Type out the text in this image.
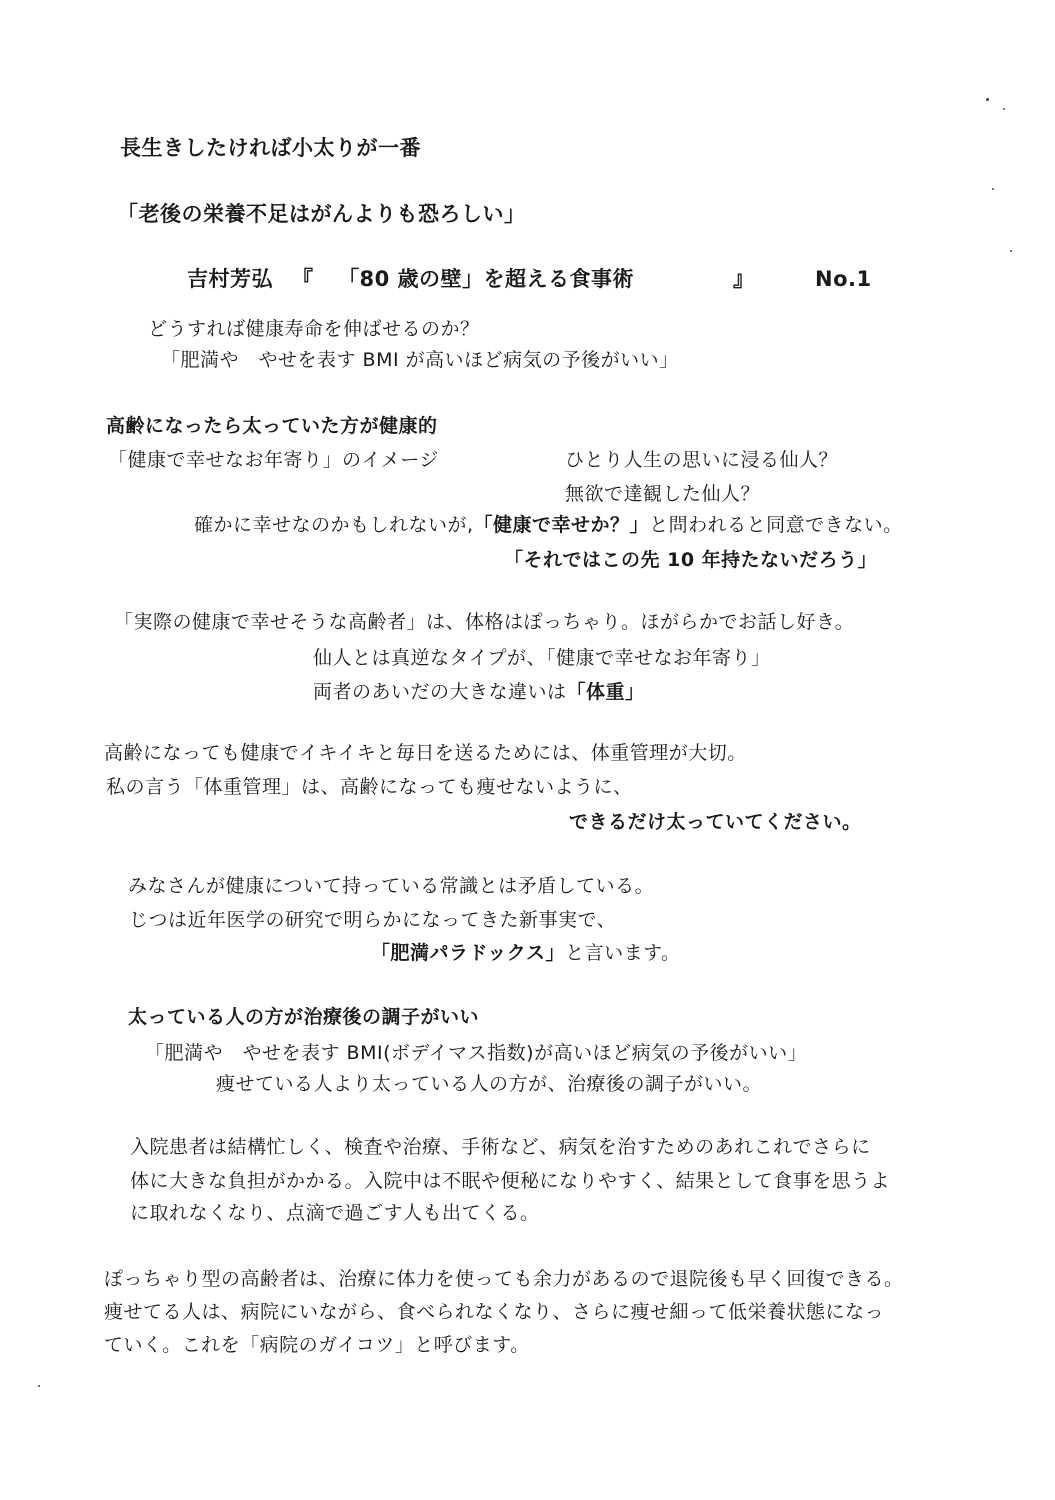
長生きしたければ小太りが一番
「老後の栄養不足はがんよりも恐ろしい」
吉村芳弘 『 「80 歳の壁」を超える食事術	』	No.1
どうすれば健康寿命を伸ばせるのか？
「肥満や　やせを表す BMI が高いほど病気の予後がいい」
高齢になったら太っていた方が健康的
「健康で幸せなお年寄り」のイメージ	ひとり人生の思いに浸る仙人？
無欲で達観した仙人？
確かに幸せなのかもしれないが,「健康で幸せか？」と問われると同意できない。
「それではこの先 10 年持たないだろう」
「実際の健康で幸せそうな高齢者」は、体格はぽっちゃり。ほがらかでお話し好き。
仙人とは真逆なタイプが、「健康で幸せなお年寄り」
両者のあいだの大きな違いは「体重」
高齢になっても健康でイキイキと毎日を送るためには、体重管理が大切。
私の言う「体重管理」は、高齢になっても痩せないように、
できるだけ太っていてください。
みなさんが健康について持っている常識とは矛盾している。
じつは近年医学の研究で明らかになってきた新事実で、
「肥満パラドックス」と言います。
太っている人の方が治療後の調子がいい
「肥満や　やせを表す BMI(ボデイマス指数)が高いほど病気の予後がいい」
痩せている人より太っている人の方が、治療後の調子がいい。
入院患者は結構忙しく、検査や治療、手術など、病気を治すためのあれこれでさらに
体に大きな負担がかかる。入院中は不眠や便秘になりやすく、結果として食事を思うよ
に取れなくなり、点滴で過ごす人も出てくる。
ぽっちゃり型の高齢者は、治療に体力を使っても余力があるので退院後も早く回復できる。
痩せてる人は、病院にいながら、食べられなくなり、さらに痩せ細って低栄養状態になっ
ていく。これを「病院のガイコツ」と呼びます。
